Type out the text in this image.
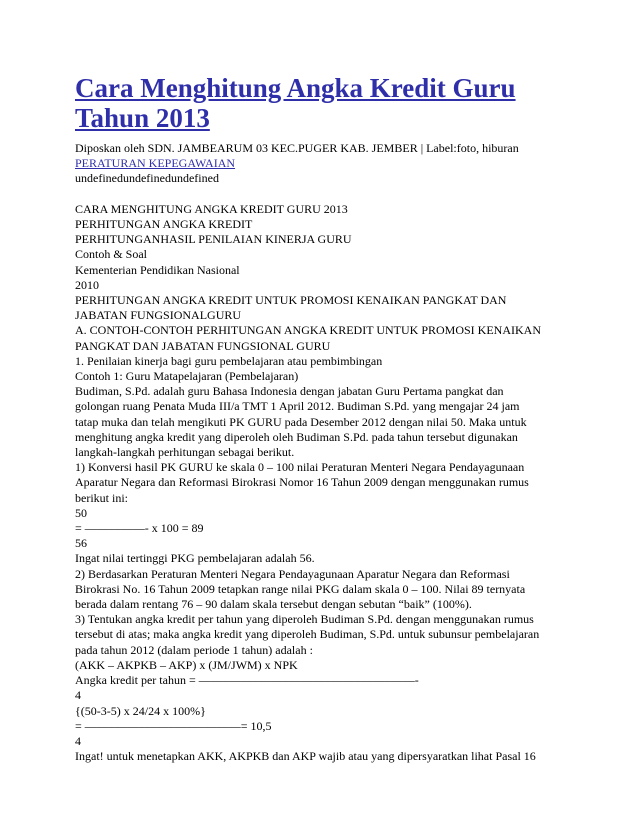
Cara Menghitung Angka Kredit Guru Tahun 2013
Diposkan oleh SDN. JAMBEARUM 03 KEC.PUGER KAB. JEMBER | Label:foto, hiburan
PERATURAN KEPEGAWAIAN
undefinedundefinedundefined
CARA MENGHITUNG ANGKA KREDIT GURU 2013
PERHITUNGAN ANGKA KREDIT
PERHITUNGANHASIL PENILAIAN KINERJA GURU
Contoh & Soal
Kementerian Pendidikan Nasional
2010
PERHITUNGAN ANGKA KREDIT UNTUK PROMOSI KENAIKAN PANGKAT DAN
JABATAN FUNGSIONALGURU
A. CONTOH-CONTOH PERHITUNGAN ANGKA KREDIT UNTUK PROMOSI KENAIKAN
PANGKAT DAN JABATAN FUNGSIONAL GURU
1. Penilaian kinerja bagi guru pembelajaran atau pembimbingan
Contoh 1: Guru Matapelajaran (Pembelajaran)
Budiman, S.Pd. adalah guru Bahasa Indonesia dengan jabatan Guru Pertama pangkat dan
golongan ruang Penata Muda III/a TMT 1 April 2012. Budiman S.Pd. yang mengajar 24 jam
tatap muka dan telah mengikuti PK GURU pada Desember 2012 dengan nilai 50. Maka untuk
menghitung angka kredit yang diperoleh oleh Budiman S.Pd. pada tahun tersebut digunakan
langkah-langkah perhitungan sebagai berikut.
1) Konversi hasil PK GURU ke skala 0 – 100 nilai Peraturan Menteri Negara Pendayagunaan
Aparatur Negara dan Reformasi Birokrasi Nomor 16 Tahun 2009 dengan menggunakan rumus
berikut ini:
50
= ——––——- x 100 = 89
56
Ingat nilai tertinggi PKG pembelajaran adalah 56.
2) Berdasarkan Peraturan Menteri Negara Pendayagunaan Aparatur Negara dan Reformasi
Birokrasi No. 16 Tahun 2009 tetapkan range nilai PKG dalam skala 0 – 100. Nilai 89 ternyata
berada dalam rentang 76 – 90 dalam skala tersebut dengan sebutan “baik” (100%).
3) Tentukan angka kredit per tahun yang diperoleh Budiman S.Pd. dengan menggunakan rumus
tersebut di atas; maka angka kredit yang diperoleh Budiman, S.Pd. untuk subunsur pembelajaran
pada tahun 2012 (dalam periode 1 tahun) adalah :
(AKK – AKPKB – AKP) x (JM/JWM) x NPK
Angka kredit per tahun = ——–——–——–———–——–——–——-
4
{(50-3-5) x 24/24 x 100%}
= ——–——–——–——–———= 10,5
4
Ingat! untuk menetapkan AKK, AKPKB dan AKP wajib atau yang dipersyaratkan lihat Pasal 16
